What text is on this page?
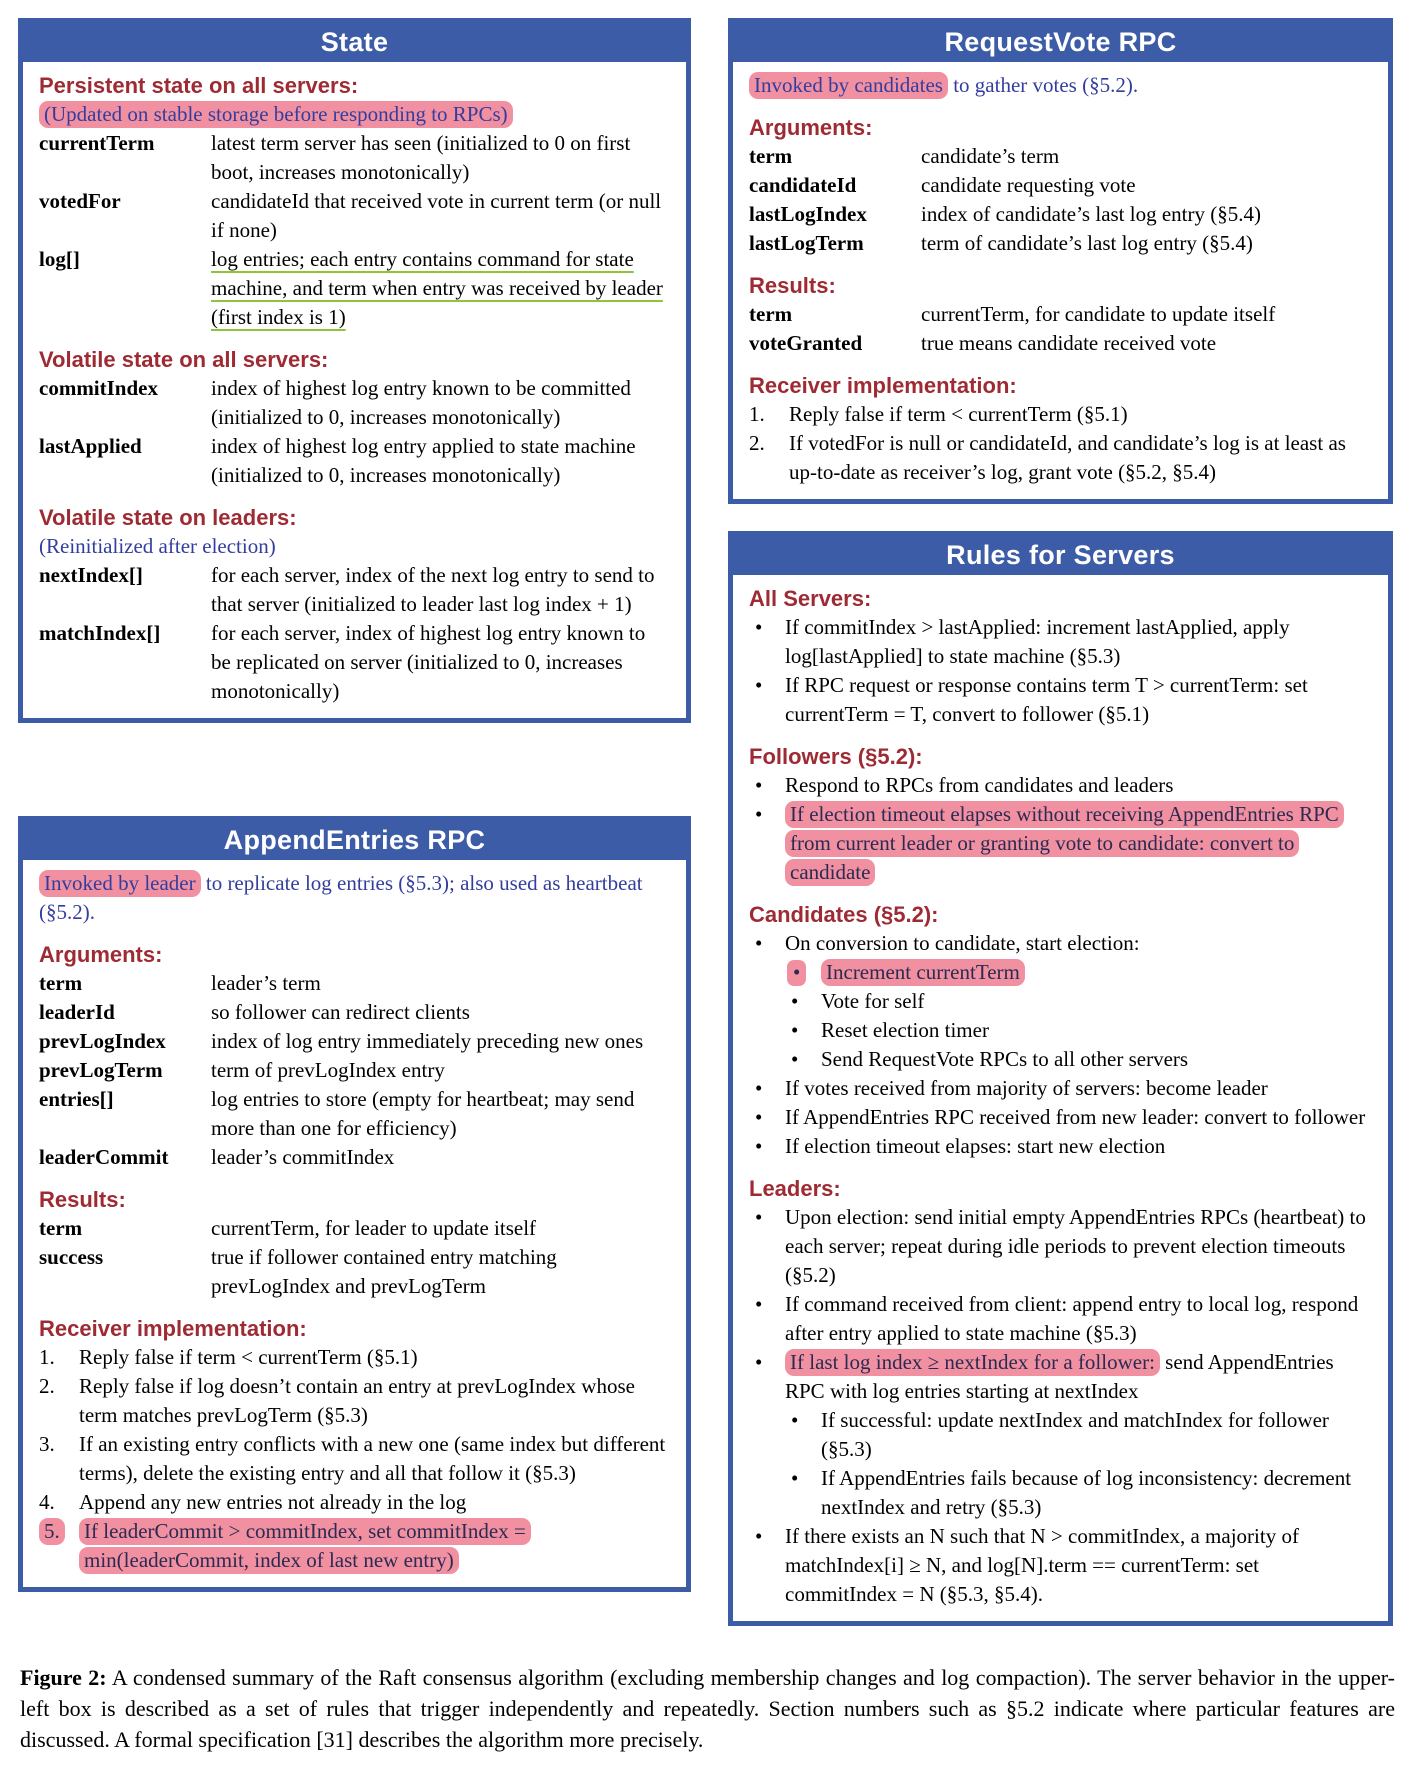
State
Persistent state on all servers:
(Updated on stable storage before responding to RPCs)
currentTerm	latest term server has seen (initialized to 0 on first boot, increases monotonically)
votedFor	candidateId that received vote in current term (or null if none)
log[]	log entries; each entry contains command for state machine, and term when entry was received by leader (first index is 1)
Volatile state on all servers:
commitIndex	index of highest log entry known to be committed (initialized to 0, increases monotonically)
lastApplied	index of highest log entry applied to state machine (initialized to 0, increases monotonically)
Volatile state on leaders:
(Reinitialized after election)
nextIndex[]	for each server, index of the next log entry to send to that server (initialized to leader last log index + 1)
matchIndex[]	for each server, index of highest log entry known to be replicated on server (initialized to 0, increases monotonically)
AppendEntries RPC
Invoked by leader to replicate log entries (§5.3); also used as heartbeat (§5.2).
Arguments:
term	leader’s term
leaderId	so follower can redirect clients
prevLogIndex	index of log entry immediately preceding new ones
prevLogTerm	term of prevLogIndex entry
entries[]	log entries to store (empty for heartbeat; may send more than one for efficiency)
leaderCommit	leader’s commitIndex
Results:
term	currentTerm, for leader to update itself
success	true if follower contained entry matching prevLogIndex and prevLogTerm
Receiver implementation:
1.	Reply false if term < currentTerm (§5.1)
2.	Reply false if log doesn’t contain an entry at prevLogIndex whose term matches prevLogTerm (§5.3)
3.	If an existing entry conflicts with a new one (same index but different terms), delete the existing entry and all that follow it (§5.3)
4.	Append any new entries not already in the log
5.	If leaderCommit > commitIndex, set commitIndex = min(leaderCommit, index of last new entry)
RequestVote RPC
Invoked by candidates to gather votes (§5.2).
Arguments:
term	candidate’s term
candidateId	candidate requesting vote
lastLogIndex	index of candidate’s last log entry (§5.4)
lastLogTerm	term of candidate’s last log entry (§5.4)
Results:
term	currentTerm, for candidate to update itself
voteGranted	true means candidate received vote
Receiver implementation:
1.	Reply false if term < currentTerm (§5.1)
2.	If votedFor is null or candidateId, and candidate’s log is at least as up-to-date as receiver’s log, grant vote (§5.2, §5.4)
Rules for Servers
All Servers:
•
If commitIndex > lastApplied: increment lastApplied, apply log[lastApplied] to state machine (§5.3)
•
If RPC request or response contains term T > currentTerm: set currentTerm = T, convert to follower (§5.1)
Followers (§5.2):
•
Respond to RPCs from candidates and leaders
•
If election timeout elapses without receiving AppendEntries RPC from current leader or granting vote to candidate: convert to candidate
Candidates (§5.2):
•
On conversion to candidate, start election:
•
Increment currentTerm
•
Vote for self
•
Reset election timer
•
Send RequestVote RPCs to all other servers
•
If votes received from majority of servers: become leader
•
If AppendEntries RPC received from new leader: convert to follower
•
If election timeout elapses: start new election
Leaders:
•
Upon election: send initial empty AppendEntries RPCs (heartbeat) to each server; repeat during idle periods to prevent election timeouts (§5.2)
•
If command received from client: append entry to local log, respond after entry applied to state machine (§5.3)
•
If last log index ≥ nextIndex for a follower: send AppendEntries RPC with log entries starting at nextIndex
•
If successful: update nextIndex and matchIndex for follower (§5.3)
•
If AppendEntries fails because of log inconsistency: decrement nextIndex and retry (§5.3)
•
If there exists an N such that N > commitIndex, a majority of matchIndex[i] ≥ N, and log[N].term == currentTerm: set commitIndex = N (§5.3, §5.4).

Figure 2: A condensed summary of the Raft consensus algorithm (excluding membership changes and log compaction). The server behavior in the upper-left box is described as a set of rules that trigger independently and repeatedly. Section numbers such as §5.2 indicate where particular features are discussed. A formal specification [31] describes the algorithm more precisely.
